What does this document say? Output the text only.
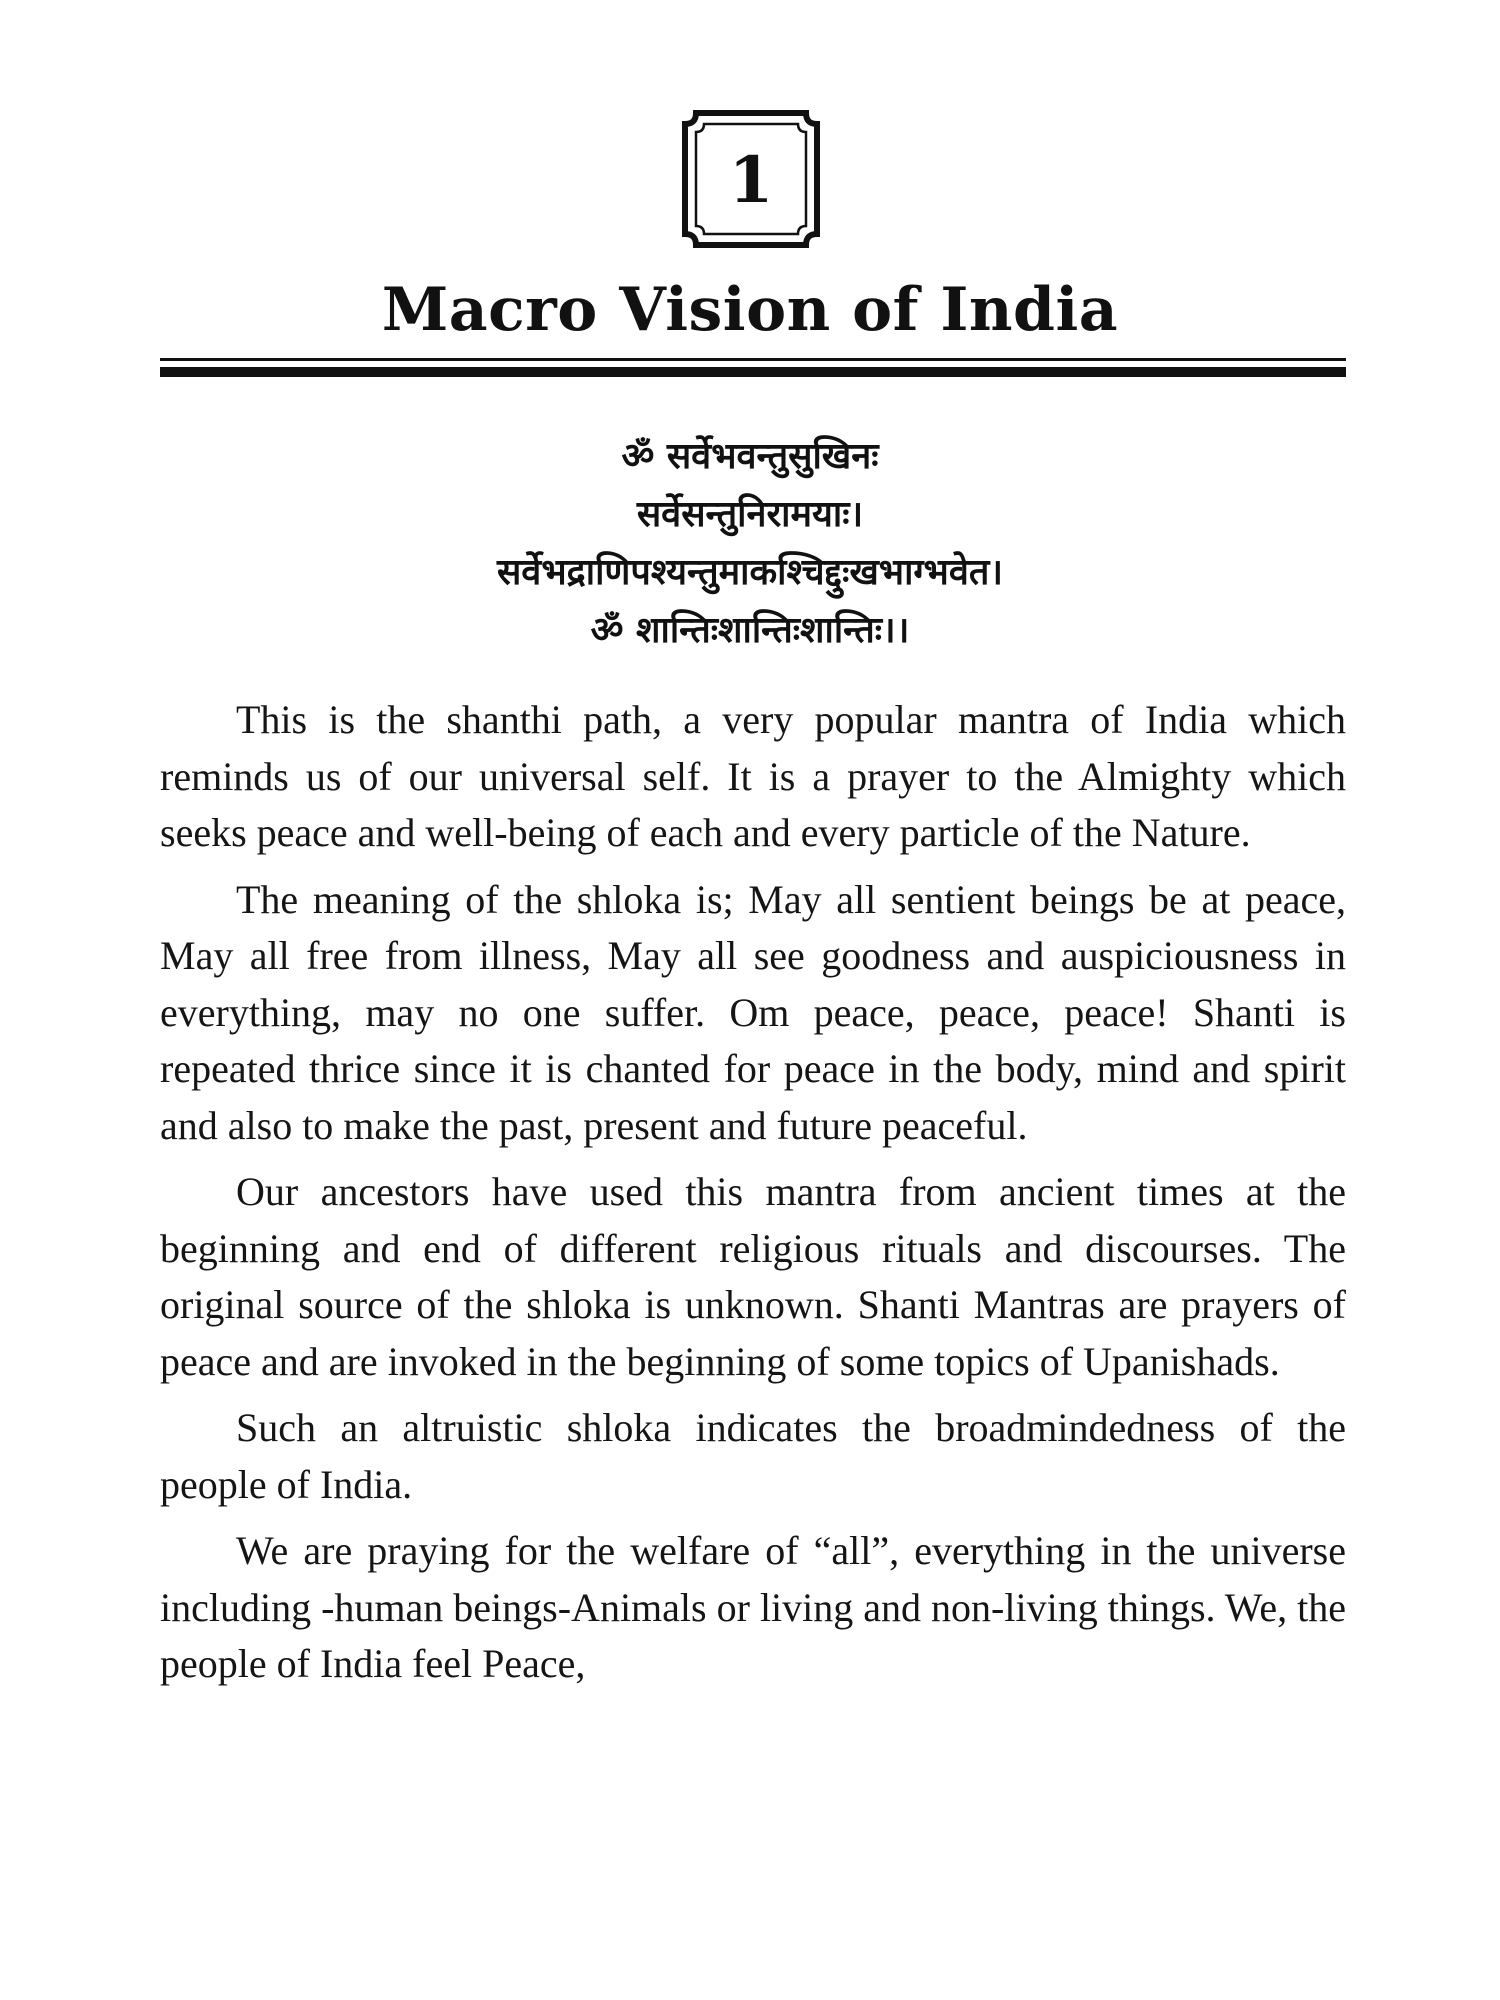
1
Macro Vision of India
ॐ सर्वेभवन्तुसुखिनः
सर्वेसन्तुनिरामयाः।
सर्वेभद्राणिपश्यन्तुमाकश्चिद्दुःखभाग्भवेत।
ॐ शान्तिःशान्तिःशान्तिः।।

This is the shanthi path, a very popular mantra of India which reminds us of our universal self. It is a prayer to the Almighty which seeks peace and well-being of each and every particle of the Nature.

The meaning of the shloka is; May all sentient beings be at peace, May all free from illness, May all see goodness and auspiciousness in everything, may no one suffer. Om peace, peace, peace! Shanti is repeated thrice since it is chanted for peace in the body, mind and spirit and also to make the past, present and future peaceful.

Our ancestors have used this mantra from ancient times at the beginning and end of different religious rituals and discourses. The original source of the shloka is unknown. Shanti Mantras are prayers of peace and are invoked in the beginning of some topics of Upanishads.

Such an altruistic shloka indicates the broadmindedness of the people of India.

We are praying for the welfare of “all”, everything in the universe including -human beings-Animals or living and non-living things. We, the people of India feel Peace,
